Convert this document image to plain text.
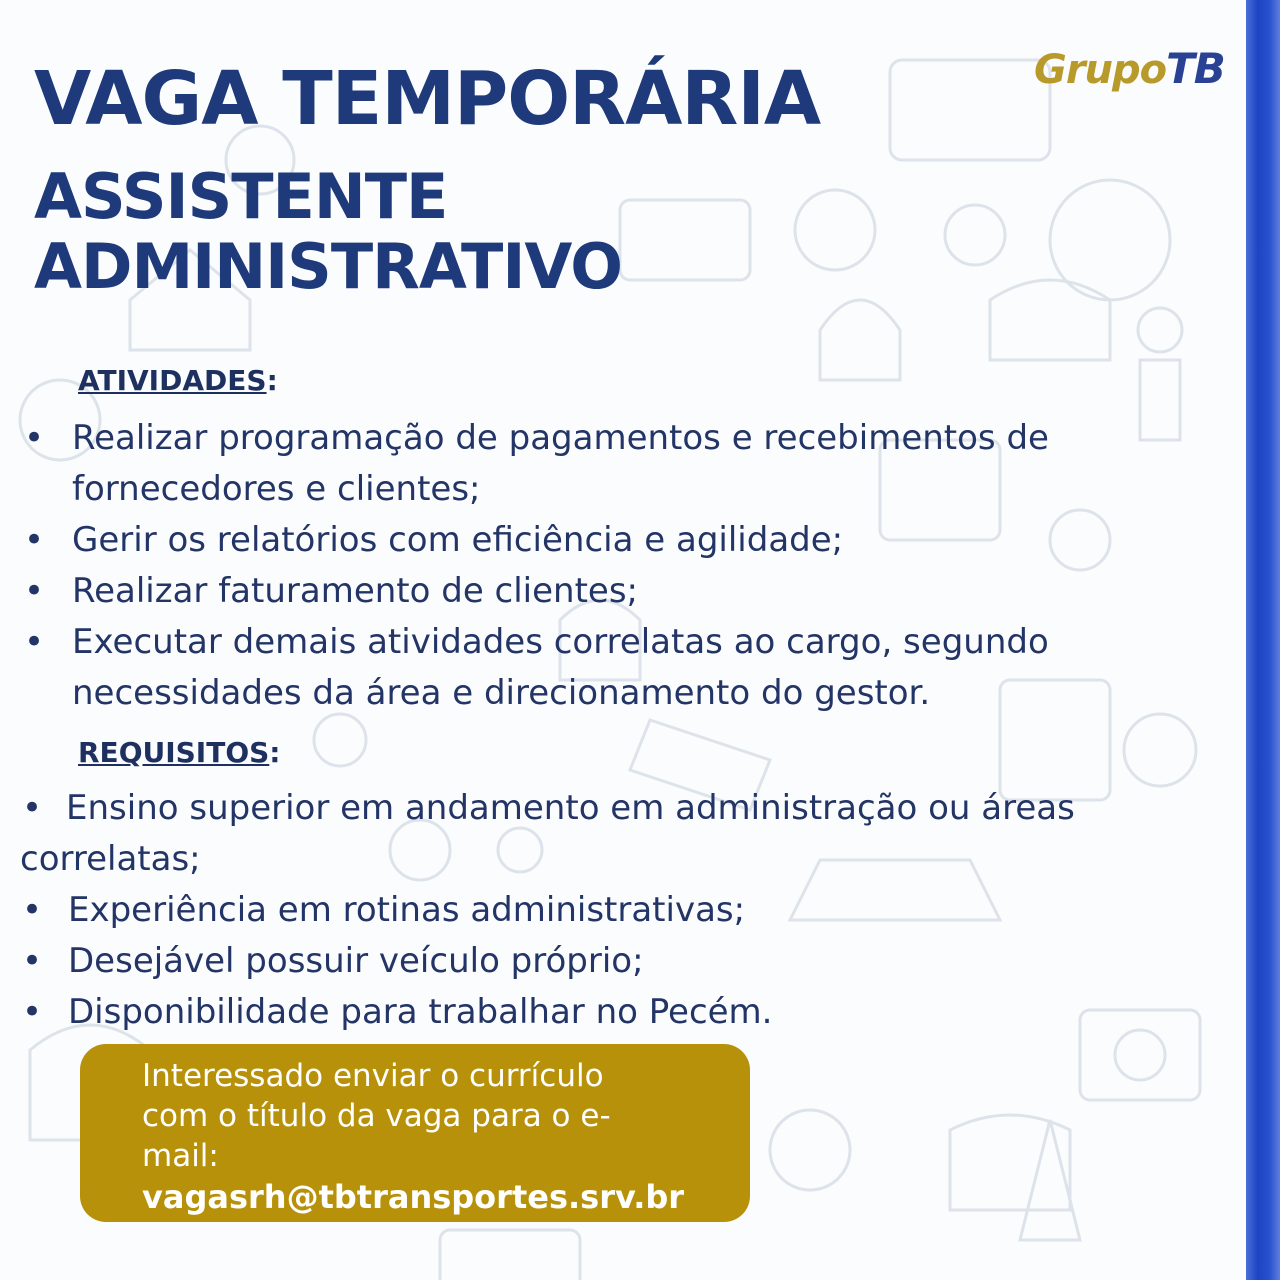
GrupoTB
VAGA TEMPORÁRIA
ASSISTENTE
ADMINISTRATIVO
ATIVIDADES:
• Realizar programação de pagamentos e recebimentos de fornecedores e clientes;
• Gerir os relatórios com eficiência e agilidade;
• Realizar faturamento de clientes;
• Executar demais atividades correlatas ao cargo, segundo necessidades da área e direcionamento do gestor.
REQUISITOS:
• Ensino superior em andamento em administração ou áreas correlatas;
• Experiência em rotinas administrativas;
• Desejável possuir veículo próprio;
• Disponibilidade para trabalhar no Pecém.
Interessado enviar o currículo com o título da vaga para o e-mail:
vagasrh@tbtransportes.srv.br
